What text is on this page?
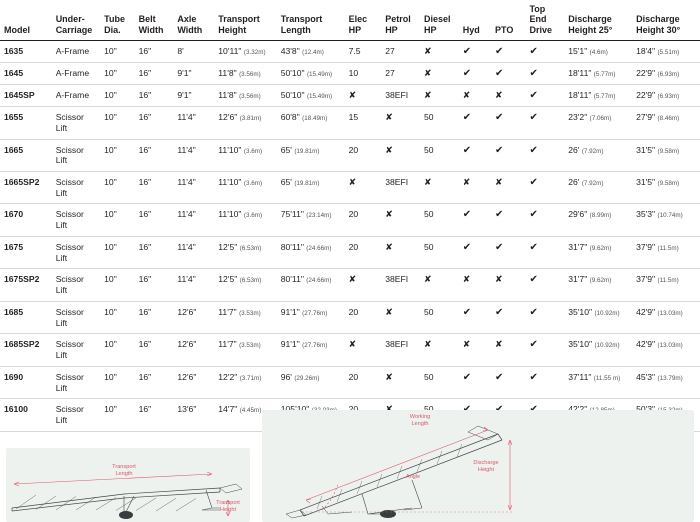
Model	Under-Carriage	Tube Dia.	Belt Width	Axle Width	Transport Height	Transport Length	Elec HP	Petrol HP	Diesel HP	Hyd	PTO	Top End Drive	Discharge Height 25°	Discharge Height 30°
1635	A-Frame	10"	16"	8'	10'11" (3.32m)	43'8" (12.4m)	7.5	27	✘	✔	✔	✔	15'1" (4.6m)	18'4" (5.51m)
1645	A-Frame	10"	16"	9'1"	11'8" (3.56m)	50'10" (15.49m)	10	27	✘	✔	✔	✔	18'11" (5.77m)	22'9" (6.93m)
1645SP	A-Frame	10"	16"	9'1"	11'8" (3.56m)	50'10" (15.49m)	✘	38EFI	✘	✘	✘	✔	18'11" (5.77m)	22'9" (6.93m)
1655	Scissor
Lift	10"	16"	11'4"	12'6" (3.81m)	60'8" (18.49m)	15	✘	50	✔	✔	✔	23'2" (7.06m)	27'9" (8.46m)
1665	Scissor
Lift	10"	16"	11'4"	11'10" (3.6m)	65' (19.81m)	20	✘	50	✔	✔	✔	26' (7.92m)	31'5" (9.58m)
1665SP2	Scissor
Lift	10"	16"	11'4"	11'10" (3.6m)	65' (19.81m)	✘	38EFI	✘	✘	✘	✔	26' (7.92m)	31'5" (9.58m)
1670	Scissor
Lift	10"	16"	11'4"	11'10" (3.6m)	75'11" (23.14m)	20	✘	50	✔	✔	✔	29'6" (8.99m)	35'3" (10.74m)
1675	Scissor
Lift	10"	16"	11'4"	12'5" (6.53m)	80'11" (24.66m)	20	✘	50	✔	✔	✔	31'7" (9.62m)	37'9" (11.5m)
1675SP2	Scissor
Lift	10"	16"	11'4"	12'5" (6.53m)	80'11" (24.66m)	✘	38EFI	✘	✘	✘	✔	31'7" (9.62m)	37'9" (11.5m)
1685	Scissor
Lift	10"	16"	12'6"	11'7" (3.53m)	91'1" (27.76m)	20	✘	50	✔	✔	✔	35'10" (10.92m)	42'9" (13.03m)
1685SP2	Scissor
Lift	10"	16"	12'6"	11'7" (3.53m)	91'1" (27.76m)	✘	38EFI	✘	✘	✘	✔	35'10" (10.92m)	42'9" (13.03m)
1690	Scissor
Lift	10"	16"	12'6"	12'2" (3.71m)	96' (29.26m)	20	✘	50	✔	✔	✔	37'11" (11.55 m)	45'3" (13.79m)
16100	Scissor
Lift	10"	16"	13'6"	14'7" (4.45m)									
Transport
Length
Transport
Height
Working
Length
Angle
Discharge
Height
